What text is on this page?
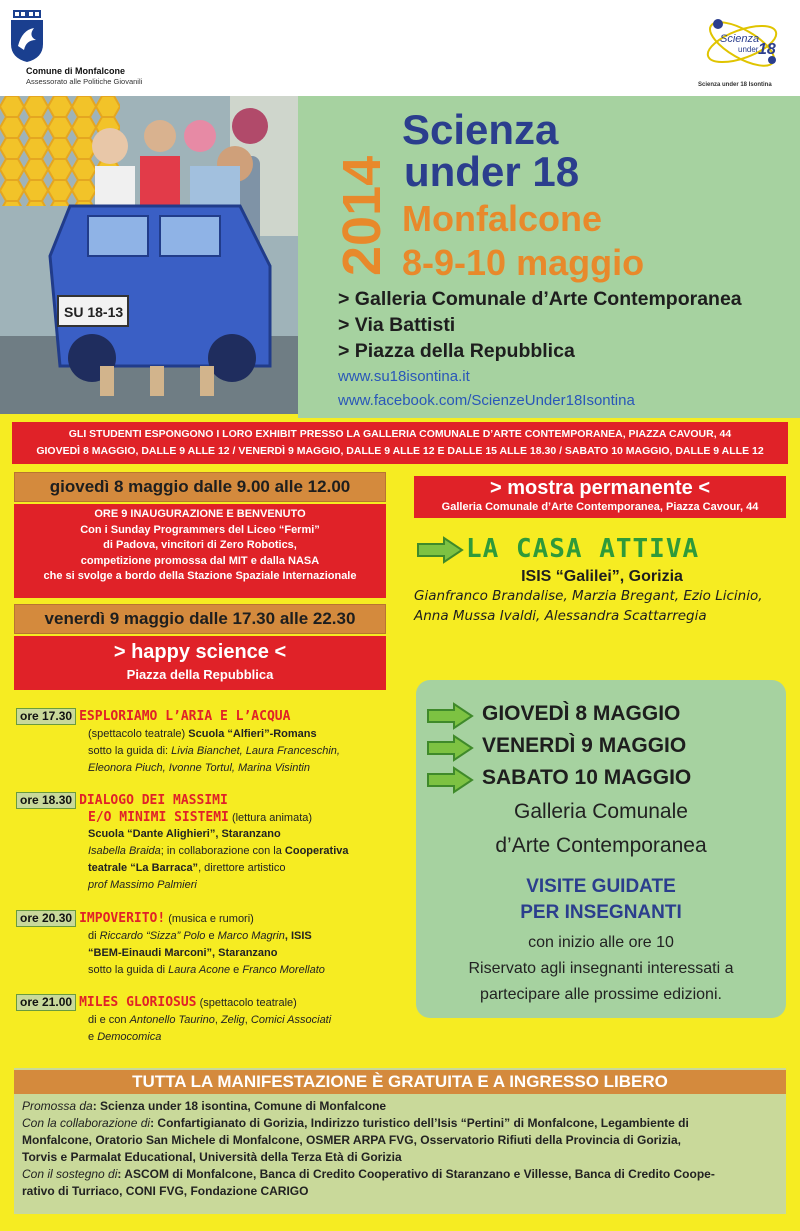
Comune di Monfalcone
Assessorato alle Politiche Giovanili
Scienza
under 18
Scienza under 18 Isontina
SU 18-13
2014
Scienza
under 18
Monfalcone
8-9-10 maggio
> Galleria Comunale d’Arte Contemporanea
> Via Battisti
> Piazza della Repubblica
www.su18isontina.it
www.facebook.com/ScienzeUnder18Isontina
GLI STUDENTI ESPONGONO I LORO EXHIBIT PRESSO LA GALLERIA COMUNALE D’ARTE CONTEMPORANEA, PIAZZA CAVOUR, 44
GIOVEDÌ 8 MAGGIO, DALLE 9 ALLE 12 / VENERDÌ 9 MAGGIO, DALLE 9 ALLE 12 E DALLE 15 ALLE 18.30 / SABATO 10 MAGGIO, DALLE 9 ALLE 12
giovedì 8 maggio dalle 9.00 alle 12.00
ORE 9 INAUGURAZIONE E BENVENUTO
Con i Sunday Programmers del Liceo “Fermi”
di Padova, vincitori di Zero Robotics,
competizione promossa dal MIT e dalla NASA
che si svolge a bordo della Stazione Spaziale Internazionale
venerdì 9 maggio dalle 17.30 alle 22.30
> happy science <
Piazza della Repubblica
ore 17.30 ESPLORIAMO L’ARIA E L’ACQUA
(spettacolo teatrale) Scuola “Alfieri”-Romans
sotto la guida di: Livia Bianchet, Laura Franceschin,
Eleonora Piuch, Ivonne Tortul, Marina Visintin
ore 18.30 DIALOGO DEI MASSIMI
E/O MINIMI SISTEMI (lettura animata)
Scuola “Dante Alighieri”, Staranzano
Isabella Braida; in collaborazione con la Cooperativa
teatrale “La Barraca”, direttore artistico
prof Massimo Palmieri
ore 20.30 IMPOVERITO! (musica e rumori)
di Riccardo “Sizza” Polo e Marco Magrin, ISIS
“BEM-Einaudi Marconi”, Staranzano
sotto la guida di Laura Acone e Franco Morellato
ore 21.00 MILES GLORIOSUS (spettacolo teatrale)
di e con Antonello Taurino, Zelig, Comici Associati
e Democomica
> mostra permanente <
Galleria Comunale d’Arte Contemporanea, Piazza Cavour, 44
LA CASA ATTIVA
ISIS “Galilei”, Gorizia
Gianfranco Brandalise, Marzia Bregant, Ezio Licinio,
Anna Mussa Ivaldi, Alessandra Scattarregia
GIOVEDÌ 8 MAGGIO
VENERDÌ 9 MAGGIO
SABATO 10 MAGGIO
Galleria Comunale
d’Arte Contemporanea
VISITE GUIDATE
PER INSEGNANTI
con inizio alle ore 10
Riservato agli insegnanti interessati a
partecipare alle prossime edizioni.
TUTTA LA MANIFESTAZIONE È GRATUITA E A INGRESSO LIBERO
Promossa da: Scienza under 18 isontina, Comune di Monfalcone
Con la collaborazione di: Confartigianato di Gorizia, Indirizzo turistico dell’Isis “Pertini” di Monfalcone, Legambiente di
Monfalcone, Oratorio San Michele di Monfalcone, OSMER ARPA FVG, Osservatorio Rifiuti della Provincia di Gorizia,
Torvis e Parmalat Educational, Università della Terza Età di Gorizia
Con il sostegno di: ASCOM di Monfalcone, Banca di Credito Cooperativo di Staranzano e Villesse, Banca di Credito Coope-
rativo di Turriaco, CONI FVG, Fondazione CARIGO
